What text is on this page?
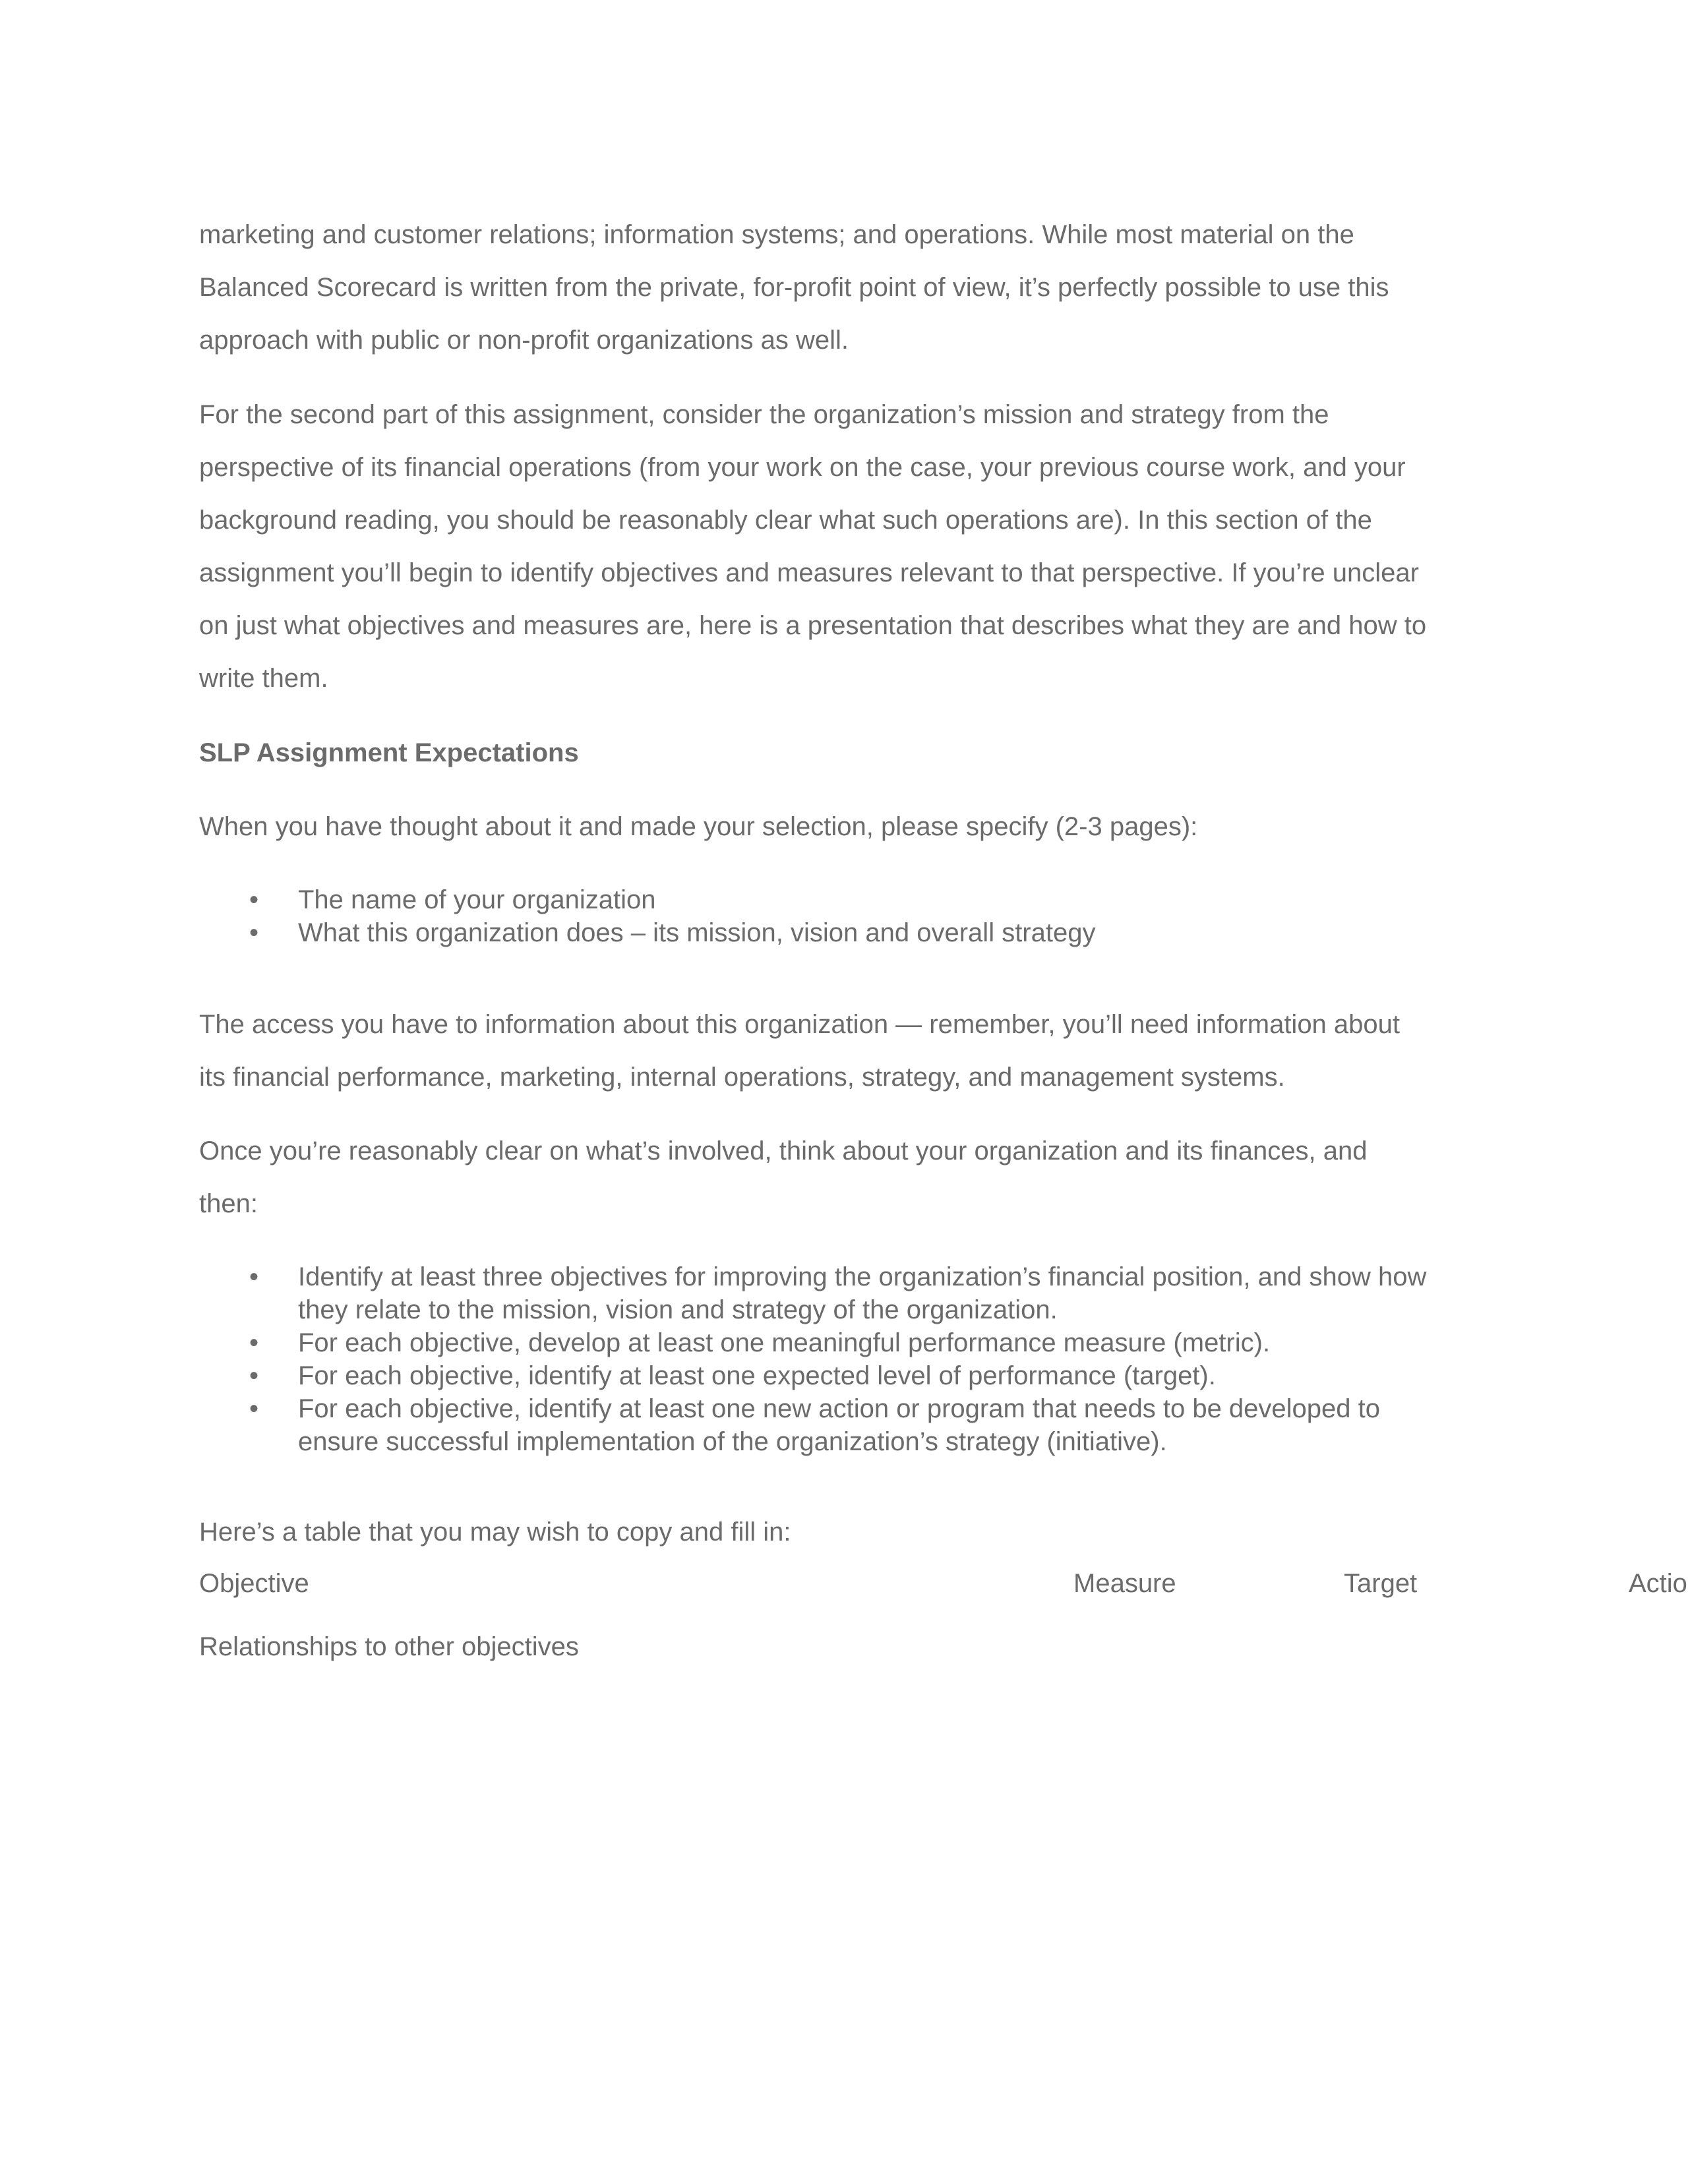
marketing and customer relations; information systems; and operations. While most material on the
Balanced Scorecard is written from the private, for-profit point of view, it’s perfectly possible to use this
approach with public or non-profit organizations as well.

For the second part of this assignment, consider the organization’s mission and strategy from the
perspective of its financial operations (from your work on the case, your previous course work, and your
background reading, you should be reasonably clear what such operations are). In this section of the
assignment you’ll begin to identify objectives and measures relevant to that perspective. If you’re unclear
on just what objectives and measures are, here is a presentation that describes what they are and how to
write them.

SLP Assignment Expectations

When you have thought about it and made your selection, please specify (2-3 pages):

•	The name of your organization
•	What this organization does – its mission, vision and overall strategy

The access you have to information about this organization — remember, you’ll need information about
its financial performance, marketing, internal operations, strategy, and management systems.

Once you’re reasonably clear on what’s involved, think about your organization and its finances, and
then:

•	Identify at least three objectives for improving the organization’s financial position, and show how
they relate to the mission, vision and strategy of the organization.
•	For each objective, develop at least one meaningful performance measure (metric).
•	For each objective, identify at least one expected level of performance (target).
•	For each objective, identify at least one new action or program that needs to be developed to
ensure successful implementation of the organization’s strategy (initiative).

Here’s a table that you may wish to copy and fill in:

Objective	Measure	Target	Actio

Relationships to other objectives
